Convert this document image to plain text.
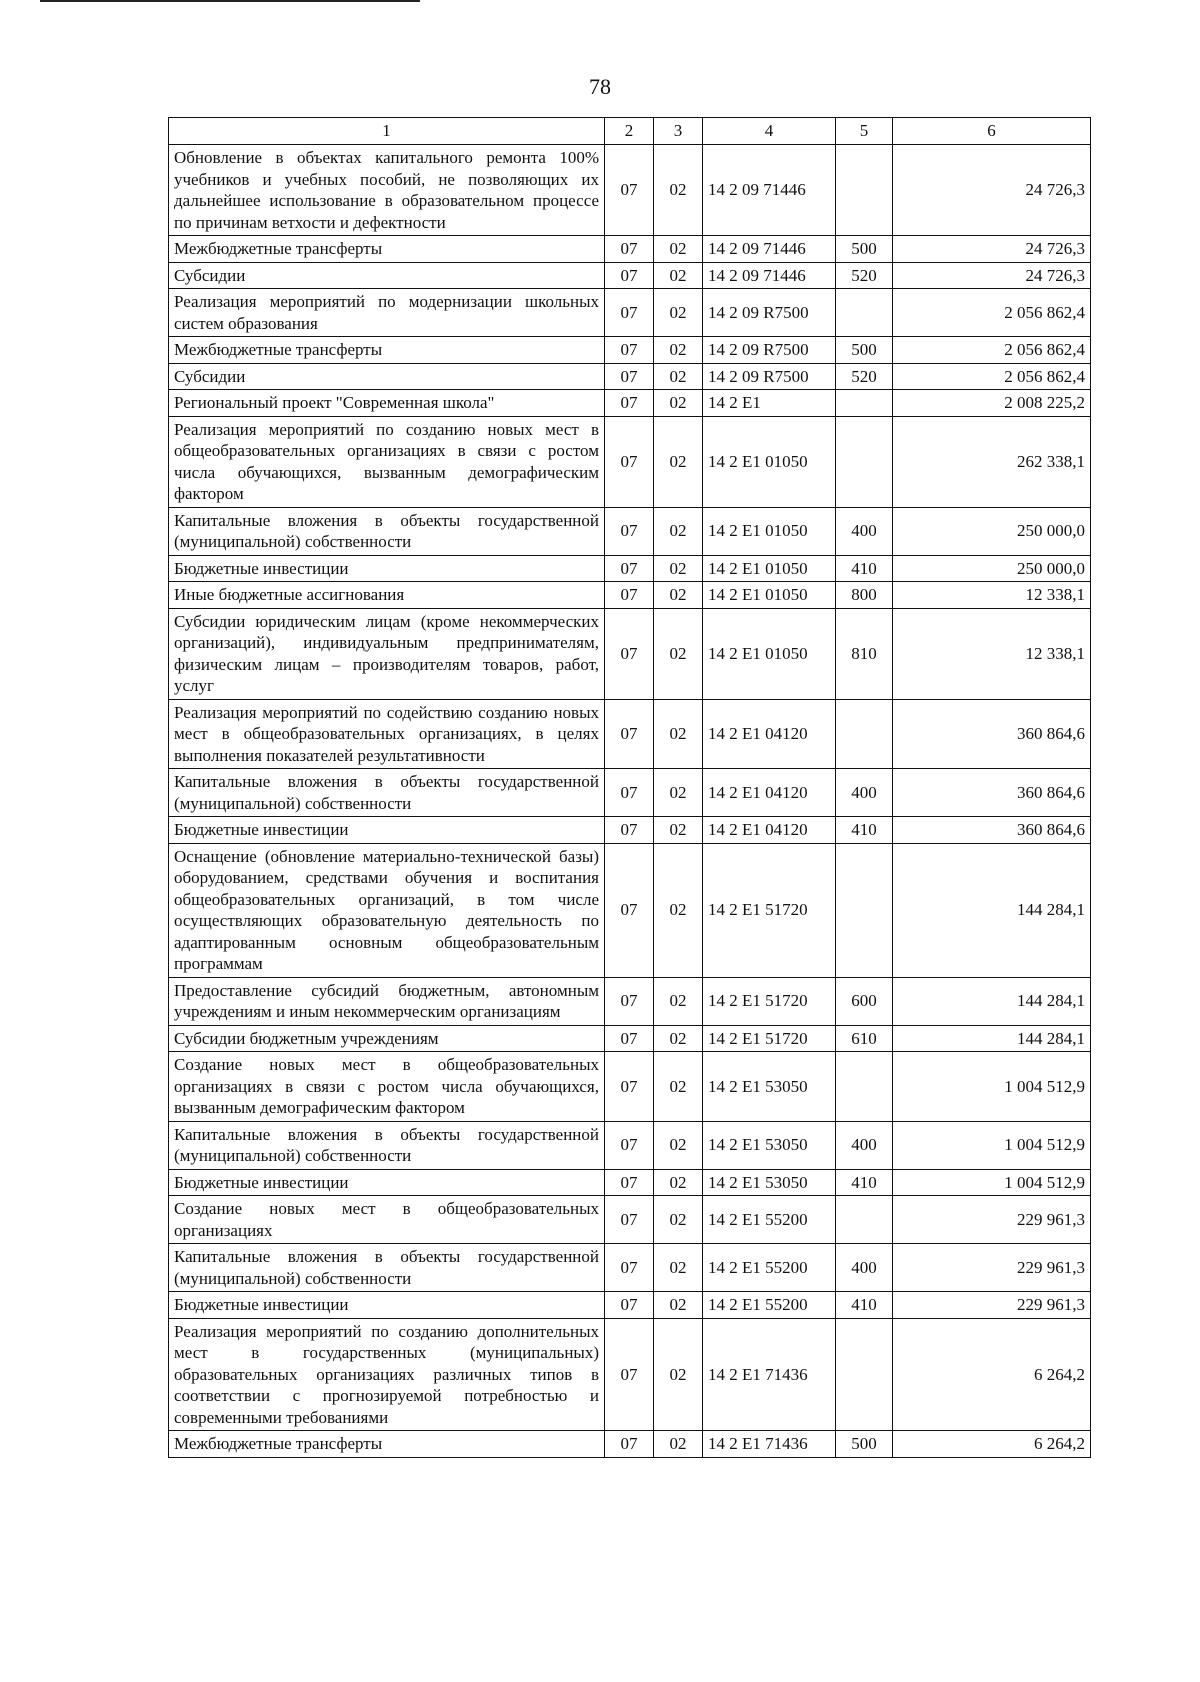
78
1	2	3	4	5	6
Обновление в объектах капитального ремонта 100% учебников и учебных пособий, не позволяющих их дальнейшее использование в образовательном процессе по причинам ветхости и дефектности	07	02	14 2 09 71446		24 726,3
Межбюджетные трансферты	07	02	14 2 09 71446	500	24 726,3
Субсидии	07	02	14 2 09 71446	520	24 726,3
Реализация мероприятий по модернизации школьных систем образования	07	02	14 2 09 R7500		2 056 862,4
Межбюджетные трансферты	07	02	14 2 09 R7500	500	2 056 862,4
Субсидии	07	02	14 2 09 R7500	520	2 056 862,4
Региональный проект "Современная школа"	07	02	14 2 E1		2 008 225,2
Реализация мероприятий по созданию новых мест в общеобразовательных организациях в связи с ростом числа обучающихся, вызванным демографическим фактором	07	02	14 2 E1 01050		262 338,1
Капитальные вложения в объекты государственной (муниципальной) собственности	07	02	14 2 E1 01050	400	250 000,0
Бюджетные инвестиции	07	02	14 2 E1 01050	410	250 000,0
Иные бюджетные ассигнования	07	02	14 2 E1 01050	800	12 338,1
Субсидии юридическим лицам (кроме некоммерческих организаций), индивидуальным предпринимателям, физическим лицам – производителям товаров, работ, услуг	07	02	14 2 E1 01050	810	12 338,1
Реализация мероприятий по содействию созданию новых мест в общеобразовательных организациях, в целях выполнения показателей результативности	07	02	14 2 E1 04120		360 864,6
Капитальные вложения в объекты государственной (муниципальной) собственности	07	02	14 2 E1 04120	400	360 864,6
Бюджетные инвестиции	07	02	14 2 E1 04120	410	360 864,6
Оснащение (обновление материально-технической базы) оборудованием, средствами обучения и воспитания общеобразовательных организаций, в том числе осуществляющих образовательную деятельность по адаптированным основным общеобразовательным программам	07	02	14 2 E1 51720		144 284,1
Предоставление субсидий бюджетным, автономным учреждениям и иным некоммерческим организациям	07	02	14 2 E1 51720	600	144 284,1
Субсидии бюджетным учреждениям	07	02	14 2 E1 51720	610	144 284,1
Создание новых мест в общеобразовательных организациях в связи с ростом числа обучающихся, вызванным демографическим фактором	07	02	14 2 E1 53050		1 004 512,9
Капитальные вложения в объекты государственной (муниципальной) собственности	07	02	14 2 E1 53050	400	1 004 512,9
Бюджетные инвестиции	07	02	14 2 E1 53050	410	1 004 512,9
Создание новых мест в общеобразовательных организациях	07	02	14 2 E1 55200		229 961,3
Капитальные вложения в объекты государственной (муниципальной) собственности	07	02	14 2 E1 55200	400	229 961,3
Бюджетные инвестиции	07	02	14 2 E1 55200	410	229 961,3
Реализация мероприятий по созданию дополнительных мест в государственных (муниципальных) образовательных организациях различных типов в соответствии с прогнозируемой потребностью и современными требованиями	07	02	14 2 E1 71436		6 264,2
Межбюджетные трансферты	07	02	14 2 E1 71436	500	6 264,2
